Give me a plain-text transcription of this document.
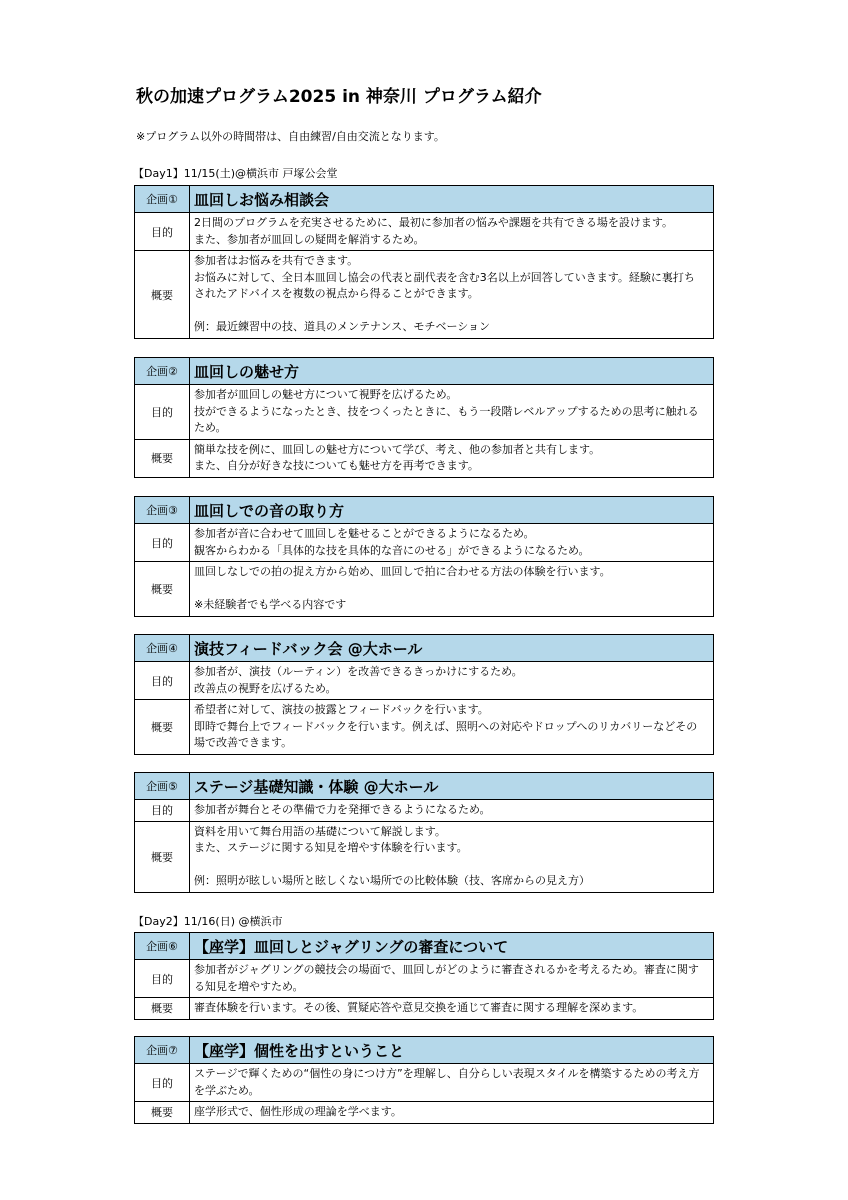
秋の加速プログラム2025 in 神奈川 プログラム紹介
※プログラム以外の時間帯は、自由練習/自由交流となります。
【Day1】11/15(土)@横浜市 戸塚公会堂
【Day2】11/16(日) @横浜市
企画①	皿回しお悩み相談会
目的	2日間のプログラムを充実させるために、最初に参加者の悩みや課題を共有できる場を設けます。
また、参加者が皿回しの疑問を解消するため。

概要	参加者はお悩みを共有できます。
お悩みに対して、全日本皿回し協会の代表と副代表を含む3名以上が回答していきます。経験に裏打ち
されたアドバイスを複数の視点から得ることができます。
例：最近練習中の技、道具のメンテナンス、モチベーション
企画②	皿回しの魅せ方
目的	参加者が皿回しの魅せ方について視野を広げるため。
技ができるようになったとき、技をつくったときに、もう一段階レベルアップするための思考に触れる
ため。

概要	簡単な技を例に、皿回しの魅せ方について学び、考え、他の参加者と共有します。
また、自分が好きな技についても魅せ方を再考できます。
企画③	皿回しでの音の取り方
目的	参加者が音に合わせて皿回しを魅せることができるようになるため。
観客からわかる「具体的な技を具体的な音にのせる」ができるようになるため。

概要	皿回しなしでの拍の捉え方から始め、皿回しで拍に合わせる方法の体験を行います。
※未経験者でも学べる内容です
企画④	演技フィードバック会 @大ホール
目的	参加者が、演技（ルーティン）を改善できるきっかけにするため。
改善点の視野を広げるため。

概要	希望者に対して、演技の披露とフィードバックを行います。
即時で舞台上でフィードバックを行います。例えば、照明への対応やドロップへのリカバリーなどその
場で改善できます。
企画⑤	ステージ基礎知識・体験 @大ホール
目的	参加者が舞台とその準備で力を発揮できるようになるため。

概要	資料を用いて舞台用語の基礎について解説します。
また、ステージに関する知見を増やす体験を行います。
例：照明が眩しい場所と眩しくない場所での比較体験（技、客席からの見え方）
企画⑥	【座学】皿回しとジャグリングの審査について
目的	参加者がジャグリングの競技会の場面で、皿回しがどのように審査されるかを考えるため。審査に関す
る知見を増やすため。

概要	審査体験を行います。その後、質疑応答や意見交換を通じて審査に関する理解を深めます。
企画⑦	【座学】個性を出すということ
目的	ステージで輝くための“個性の身につけ方”を理解し、自分らしい表現スタイルを構築するための考え方
を学ぶため。

概要	座学形式で、個性形成の理論を学べます。
